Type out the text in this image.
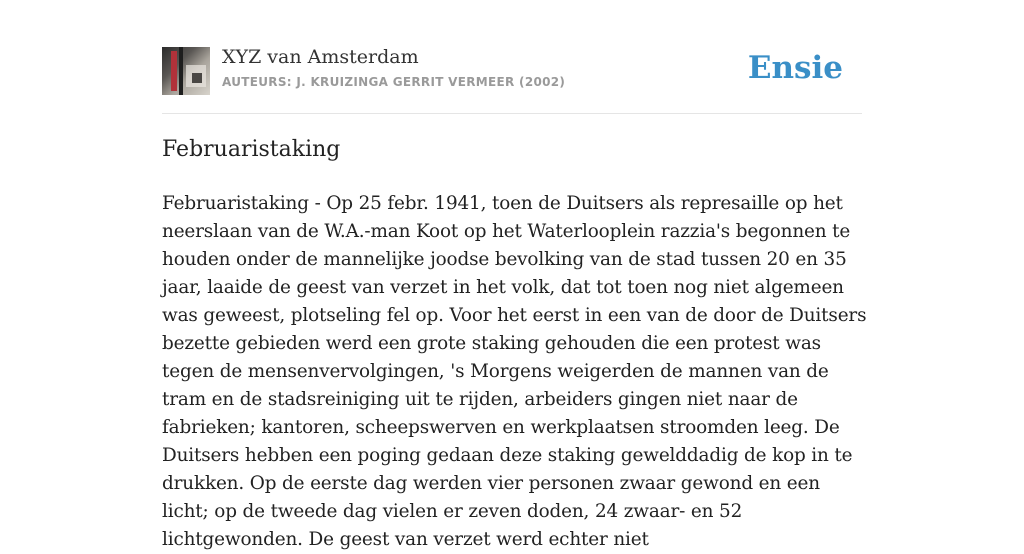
XYZ van Amsterdam
AUTEURS: J. KRUIZINGA GERRIT VERMEER (2002)	Ensie
Februaristaking

Februaristaking - Op 25 febr. 1941, toen de Duitsers als represaille op het neerslaan van de W.A.-man Koot op het Waterlooplein razzia's begonnen te houden onder de mannelijke joodse bevolking van de stad tussen 20 en 35 jaar, laaide de geest van verzet in het volk, dat tot toen nog niet algemeen was geweest, plotseling fel op. Voor het eerst in een van de door de Duitsers bezette gebieden werd een grote staking gehouden die een protest was tegen de mensenvervolgingen, 's Morgens weigerden de mannen van de tram en de stadsreiniging uit te rijden, arbeiders gingen niet naar de fabrieken; kantoren, scheepswerven en werkplaatsen stroomden leeg. De Duitsers hebben een poging gedaan deze staking gewelddadig de kop in te drukken. Op de eerste dag werden vier personen zwaar gewond en een licht; op de tweede dag vielen er zeven doden, 24 zwaar- en 52 lichtgewonden. De geest van verzet werd echter niet
